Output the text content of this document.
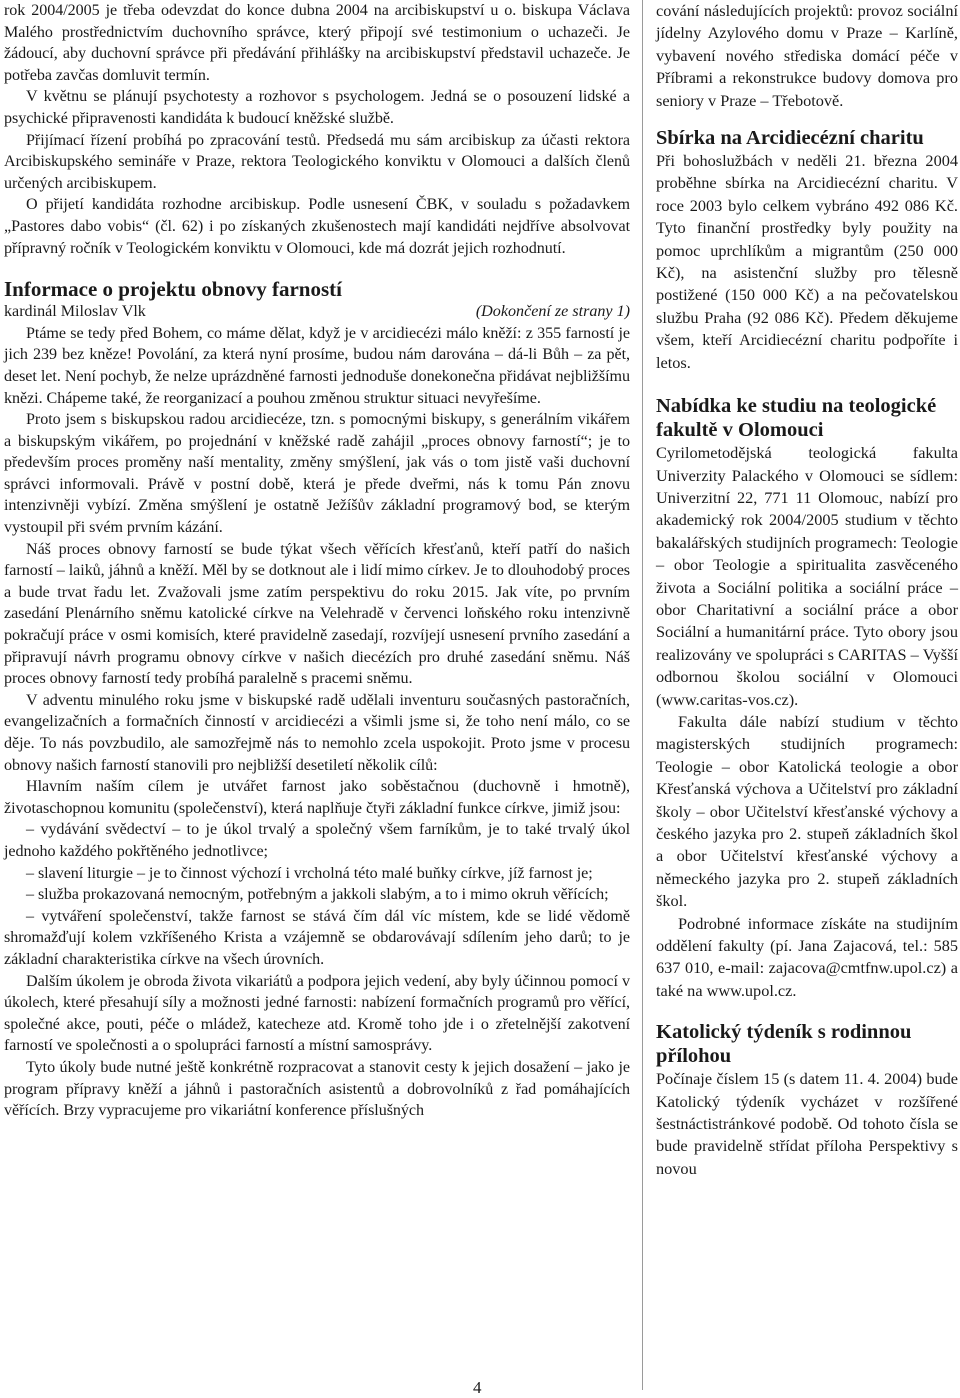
rok 2004/2005 je třeba odevzdat do konce dubna 2004 na arcibiskupství u o. biskupa Václava Malého prostřednictvím duchovního správce, který připojí své testimonium o uchazeči. Je žádoucí, aby duchovní správce při předávání přihlášky na arcibiskupství představil uchazeče. Je potřeba zavčas domluvit termín.

V květnu se plánují psychotesty a rozhovor s psychologem. Jedná se o posouzení lidské a psychické připravenosti kandidáta k budoucí kněžské službě.

Přijímací řízení probíhá po zpracování testů. Předsedá mu sám arcibiskup za účasti rektora Arcibiskupského semináře v Praze, rektora Teologického konviktu v Olomouci a dalších členů určených arcibiskupem.

O přijetí kandidáta rozhodne arcibiskup. Podle usnesení ČBK, v souladu s požadavkem „Pastores dabo vobis“ (čl. 62) i po získaných zkušenostech mají kandidáti nejdříve absolvovat přípravný ročník v Teologickém konviktu v Olomouci, kde má dozrát jejich rozhodnutí.

Informace o projektu obnovy farností
kardinál Miloslav Vlk	(Dokončení ze strany 1)

Ptáme se tedy před Bohem, co máme dělat, když je v arcidiecézi málo kněží: z 355 farností je jich 239 bez kněze! Povolání, za která nyní prosíme, budou nám darována – dá-li Bůh – za pět, deset let. Není pochyb, že nelze uprázdněné farnosti jednoduše donekonečna přidávat nejbližšímu knězi. Chápeme také, že reorganizací a pouhou změnou struktur situaci nevyřešíme.

Proto jsem s biskupskou radou arcidiecéze, tzn. s pomocnými biskupy, s generálním vikářem a biskupským vikářem, po projednání v kněžské radě zahájil „proces obnovy farností“; je to především proces proměny naší mentality, změny smýšlení, jak vás o tom jistě vaši duchovní správci informovali. Právě v postní době, která je přede dveřmi, nás k tomu Pán znovu intenzivněji vybízí. Změna smýšlení je ostatně Ježíšův základní programový bod, se kterým vystoupil při svém prvním kázání.

Náš proces obnovy farností se bude týkat všech věřících křesťanů, kteří patří do našich farností – laiků, jáhnů a kněží. Měl by se dotknout ale i lidí mimo církev. Je to dlouhodobý proces a bude trvat řadu let. Zvažovali jsme zatím perspektivu do roku 2015. Jak víte, po prvním zasedání Plenárního sněmu katolické církve na Velehradě v červenci loňského roku intenzivně pokračují práce v osmi komisích, které pravidelně zasedají, rozvíjejí usnesení prvního zasedání a připravují návrh programu obnovy církve v našich diecézích pro druhé zasedání sněmu. Náš proces obnovy farností tedy probíhá paralelně s pracemi sněmu.

V adventu minulého roku jsme v biskupské radě udělali inventuru současných pastoračních, evangelizačních a formačních činností v arcidiecézi a všimli jsme si, že toho není málo, co se děje. To nás povzbudilo, ale samozřejmě nás to nemohlo zcela uspokojit. Proto jsme v procesu obnovy našich farností stanovili pro nejbližší desetiletí několik cílů:

Hlavním naším cílem je utvářet farnost jako soběstačnou (duchovně i hmotně), životaschopnou komunitu (společenství), která naplňuje čtyři základní funkce církve, jimiž jsou:

– vydávání svědectví – to je úkol trvalý a společný všem farníkům, je to také trvalý úkol jednoho každého pokřtěného jednotlivce;

– slavení liturgie – je to činnost výchozí i vrcholná této malé buňky církve, jíž farnost je;

– služba prokazovaná nemocným, potřebným a jakkoli slabým, a to i mimo okruh věřících;

– vytváření společenství, takže farnost se stává čím dál víc místem, kde se lidé vědomě shromažďují kolem vzkříšeného Krista a vzájemně se obdarovávají sdílením jeho darů; to je základní charakteristika církve na všech úrovních.

Dalším úkolem je obroda života vikariátů a podpora jejich vedení, aby byly účinnou pomocí v úkolech, které přesahují síly a možnosti jedné farnosti: nabízení formačních programů pro věřící, společné akce, pouti, péče o mládež, katecheze atd. Kromě toho jde i o zřetelnější zakotvení farností ve společnosti a o spolupráci farností a místní samosprávy.

Tyto úkoly bude nutné ještě konkrétně rozpracovat a stanovit cesty k jejich dosažení – jako je program přípravy kněží a jáhnů i pastoračních asistentů a dobrovolníků z řad pomáhajících věřících. Brzy vypracujeme pro vikariátní konference příslušných

cování následujících projektů: provoz sociální jídelny Azylového domu v Praze – Karlíně, vybavení nového střediska domácí péče v Příbrami a rekonstrukce budovy domova pro seniory v Praze – Třebotově.

Sbírka na Arcidiecézní charitu

Při bohoslužbách v neděli 21. března 2004 proběhne sbírka na Arcidiecézní charitu. V roce 2003 bylo celkem vybráno 492 086 Kč. Tyto finanční prostředky byly použity na pomoc uprchlíkům a migrantům (250 000 Kč), na asistenční služby pro tělesně postižené (150 000 Kč) a na pečovatelskou službu Praha (92 086 Kč). Předem děkujeme všem, kteří Arcidiecézní charitu podpoříte i letos.

Nabídka ke studiu na teologické fakultě v Olomouci

Cyrilometodějská teologická fakulta Univerzity Palackého v Olomouci se sídlem: Univerzitní 22, 771 11 Olomouc, nabízí pro akademický rok 2004/2005 studium v těchto bakalářských studijních programech: Teologie – obor Teologie a spiritualita zasvěceného života a Sociální politika a sociální práce – obor Charitativní a sociální práce a obor Sociální a humanitární práce. Tyto obory jsou realizovány ve spolupráci s CARITAS – Vyšší odbornou školou sociální v Olomouci (www.caritas-vos.cz).

Fakulta dále nabízí studium v těchto magisterských studijních programech: Teologie – obor Katolická teologie a obor Křesťanská výchova a Učitelství pro základní školy – obor Učitelství křesťanské výchovy a českého jazyka pro 2. stupeň základních škol a obor Učitelství křesťanské výchovy a německého jazyka pro 2. stupeň základních škol.

Podrobné informace získáte na studijním oddělení fakulty (pí. Jana Zajacová, tel.: 585 637 010, e-mail: zajacova@cmtfnw.upol.cz) a také na www.upol.cz.

Katolický týdeník s rodinnou přílohou

Počínaje číslem 15 (s datem 11. 4. 2004) bude Katolický týdeník vycházet v rozšířené šestnáctistránkové podobě. Od tohoto čísla se bude pravidelně střídat příloha Perspektivy s novou

4
